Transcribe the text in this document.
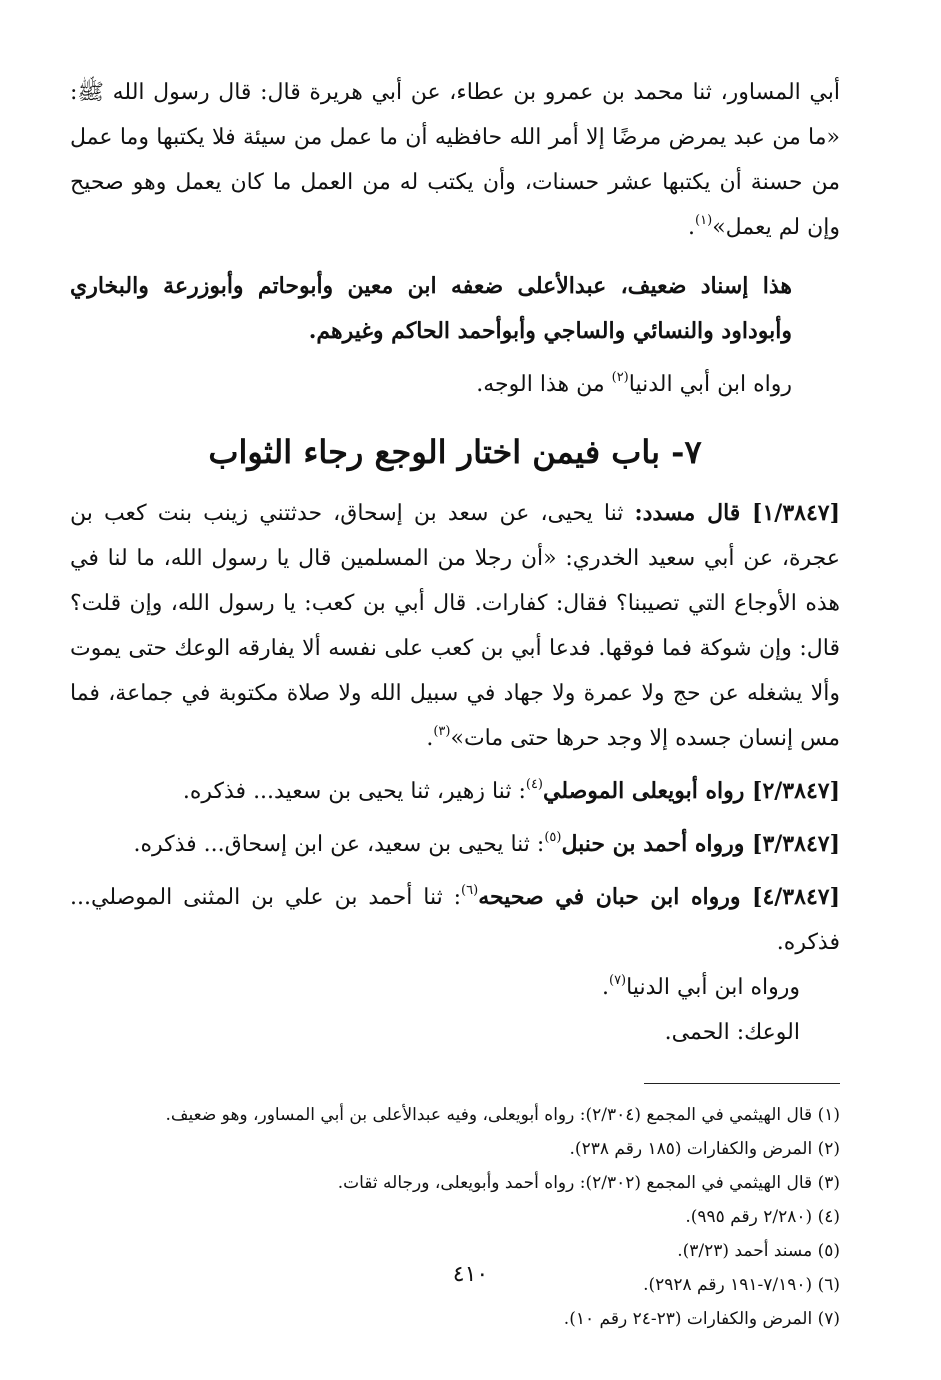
أبي المساور، ثنا محمد بن عمرو بن عطاء، عن أبي هريرة قال: قال رسول الله ﷺ: «ما من عبد يمرض مرضًا إلا أمر الله حافظيه أن ما عمل من سيئة فلا يكتبها وما عمل من حسنة أن يكتبها عشر حسنات، وأن يكتب له من العمل ما كان يعمل وهو صحيح وإن لم يعمل»$^{(١)}$.

هذا إسناد ضعيف، عبدالأعلى ضعفه ابن معين وأبوحاتم وأبوزرعة والبخاري وأبوداود والنسائي والساجي وأبوأحمد الحاكم وغيرهم.

رواه ابن أبي الدنيا$^{(٢)}$ من هذا الوجه.

٧- باب فيمن اختار الوجع رجاء الثواب

[١/٣٨٤٧] قال مسدد: ثنا يحيى، عن سعد بن إسحاق، حدثتني زينب بنت كعب بن عجرة، عن أبي سعيد الخدري: «أن رجلا من المسلمين قال يا رسول الله، ما لنا في هذه الأوجاع التي تصيبنا؟ فقال: كفارات. قال أبي بن كعب: يا رسول الله، وإن قلت؟ قال: وإن شوكة فما فوقها. فدعا أبي بن كعب على نفسه ألا يفارقه الوعك حتى يموت وألا يشغله عن حج ولا عمرة ولا جهاد في سبيل الله ولا صلاة مكتوبة في جماعة، فما مس إنسان جسده إلا وجد حرها حتى مات»$^{(٣)}$.

[٢/٣٨٤٧] رواه أبويعلى الموصلي$^{(٤)}$: ثنا زهير، ثنا يحيى بن سعيد... فذكره.

[٣/٣٨٤٧] ورواه أحمد بن حنبل$^{(٥)}$: ثنا يحيى بن سعيد، عن ابن إسحاق... فذكره.

[٤/٣٨٤٧] ورواه ابن حبان في صحيحه$^{(٦)}$: ثنا أحمد بن علي بن المثنى الموصلي... فذكره.

ورواه ابن أبي الدنيا$^{(٧)}$.

الوعك: الحمى.

(١) قال الهيثمي في المجمع (٢/٣٠٤): رواه أبويعلى، وفيه عبدالأعلى بن أبي المساور، وهو ضعيف.
(٢) المرض والكفارات (١٨٥ رقم ٢٣٨).
(٣) قال الهيثمي في المجمع (٢/٣٠٢): رواه أحمد وأبويعلى، ورجاله ثقات.
(٤) (٢/٢٨٠ رقم ٩٩٥).
(٥) مسند أحمد (٣/٢٣).
(٦) (٧/١٩٠-١٩١ رقم ٢٩٢٨).
(٧) المرض والكفارات (٢٣-٢٤ رقم ١٠).
٤١٠
